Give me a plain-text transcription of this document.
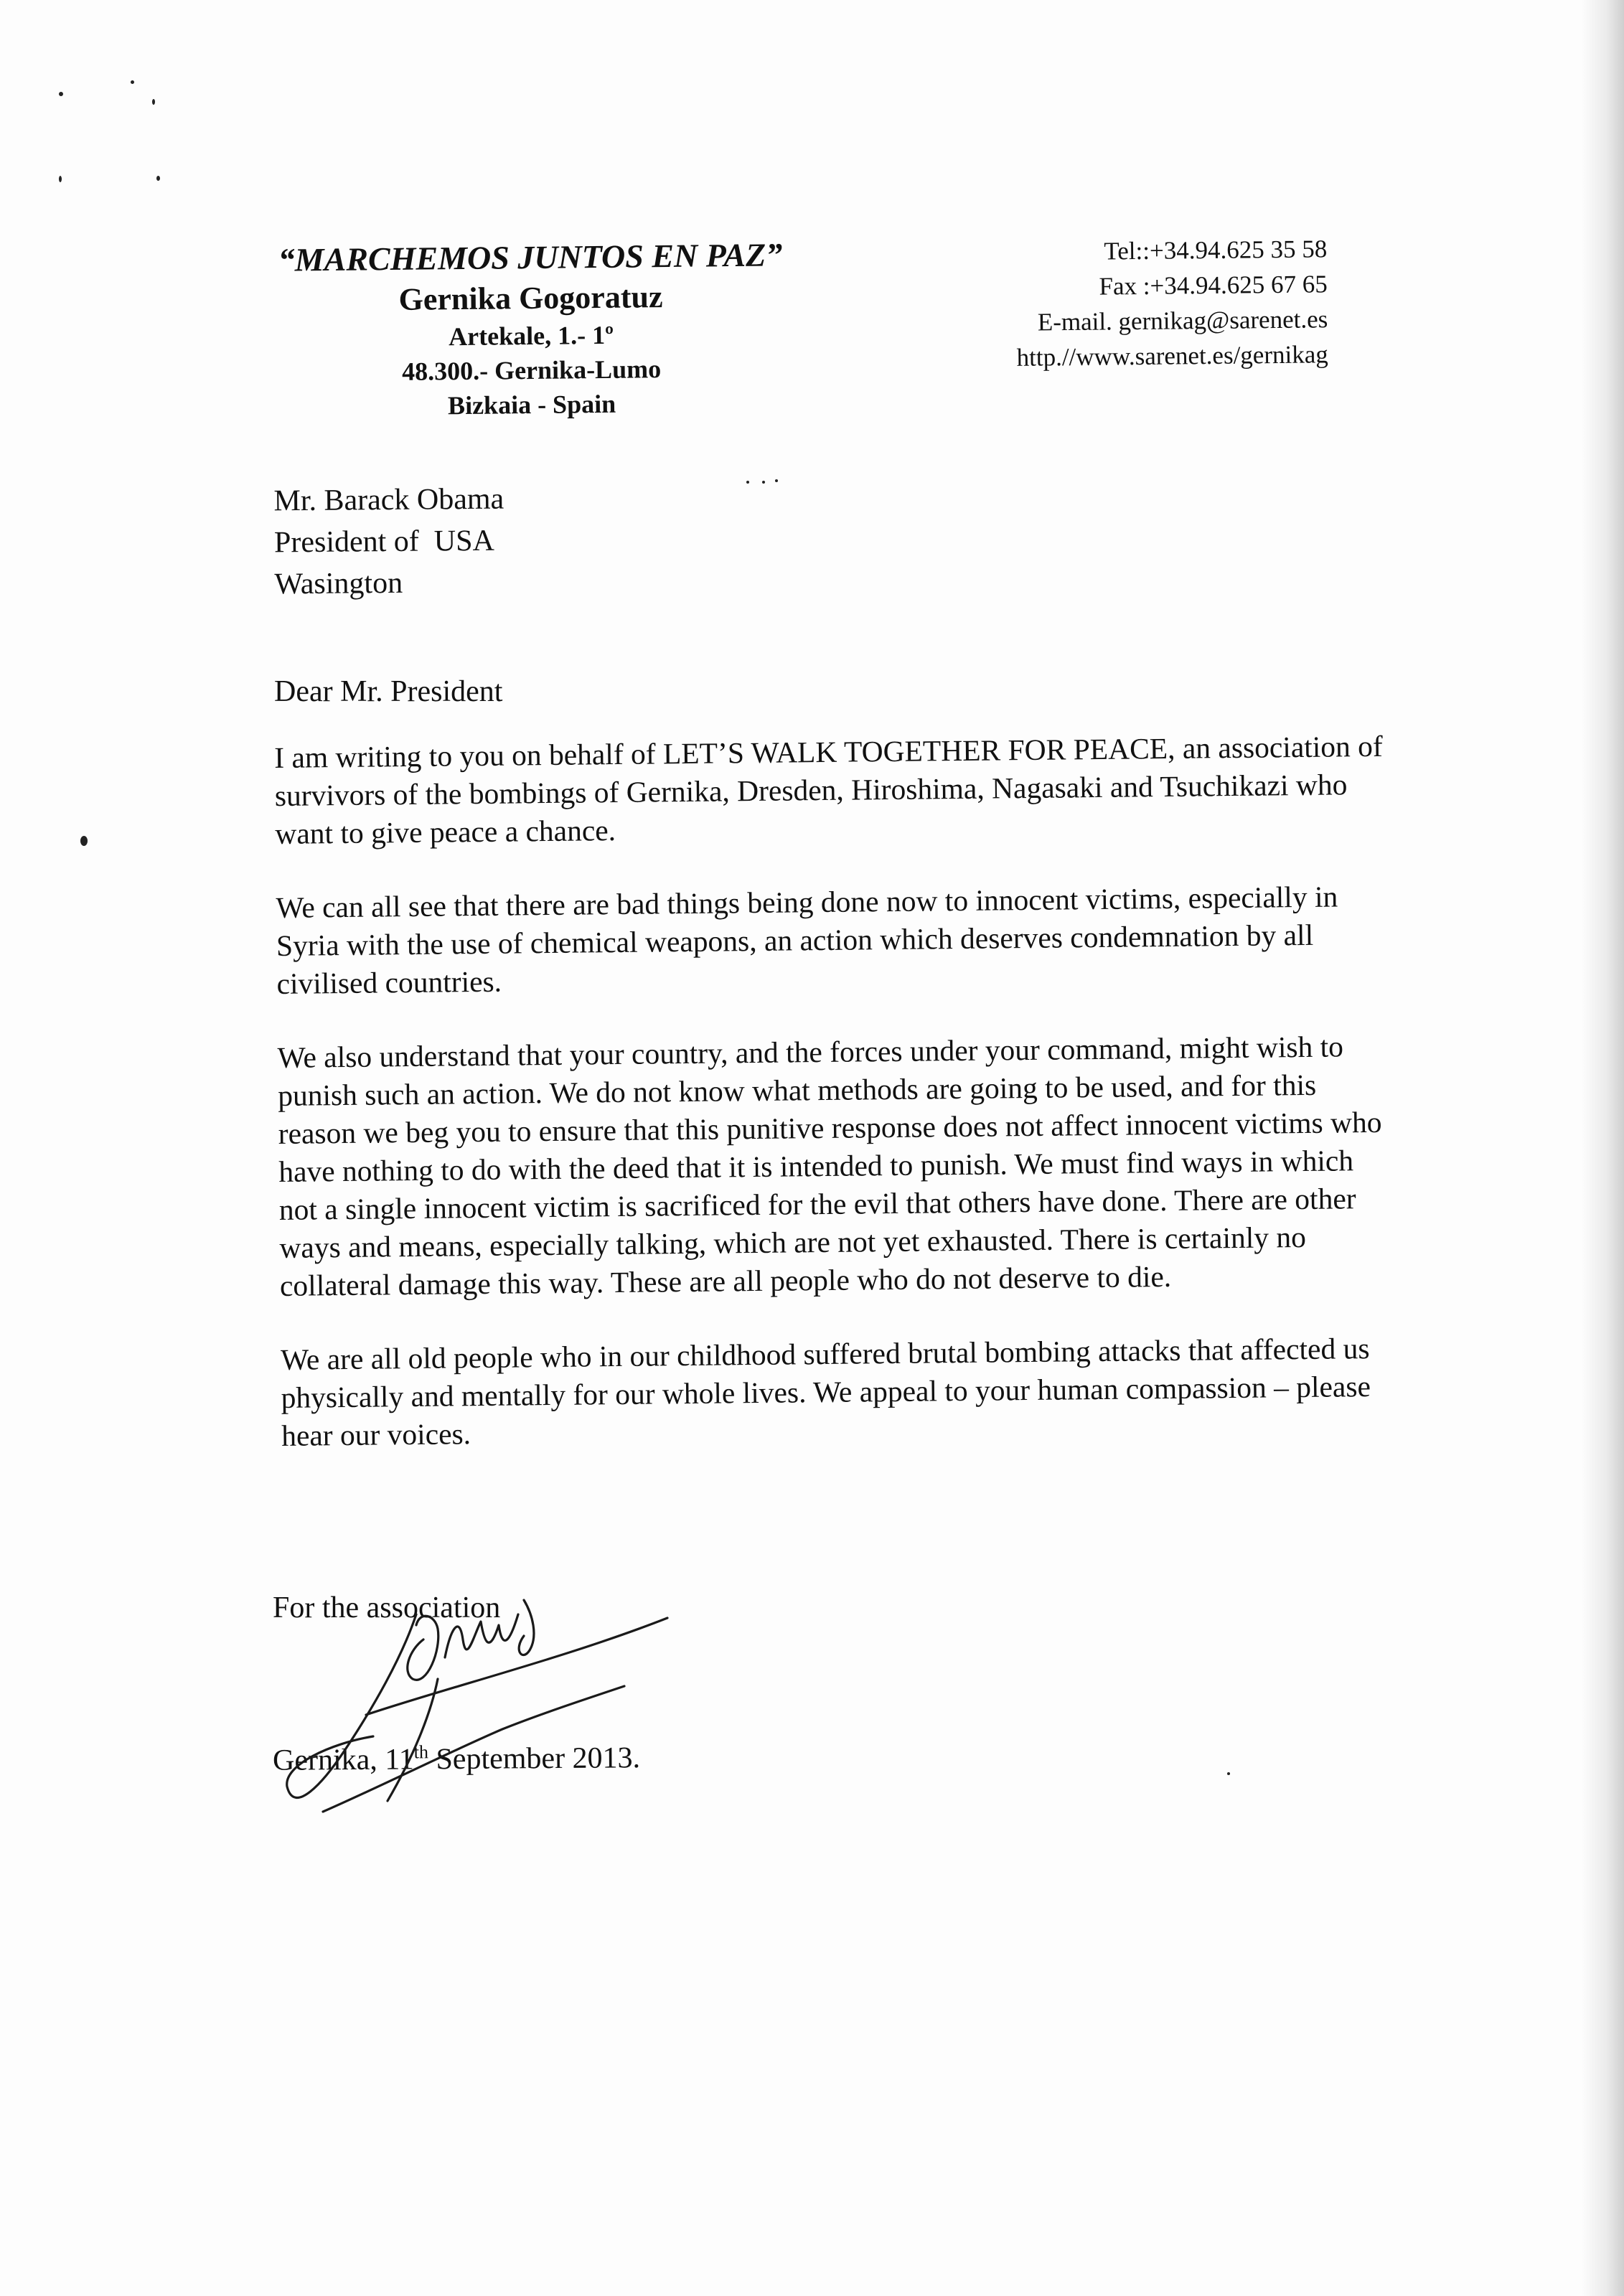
“MARCHEMOS JUNTOS EN PAZ”
Gernika Gogoratuz
Artekale, 1.- 1º
48.300.- Gernika-Lumo
Bizkaia - Spain
Tel::+34.94.625 35 58
Fax :+34.94.625 67 65
E-mail. gernikag@sarenet.es
http.//www.sarenet.es/gernikag
Mr. Barack Obama
President of  USA
Wasington
Dear Mr. President

I am writing to you on behalf of LET’S WALK TOGETHER FOR PEACE, an association of survivors of the bombings of Gernika, Dresden, Hiroshima, Nagasaki and Tsuchikazi who want to give peace a chance.

We can all see that there are bad things being done now to innocent victims, especially in Syria with the use of chemical weapons, an action which deserves condemnation by all civilised countries.

We also understand that your country, and the forces under your command, might wish to punish such an action. We do not know what methods are going to be used, and for this reason we beg you to ensure that this punitive response does not affect innocent victims who have nothing to do with the deed that it is intended to punish. We must find ways in which not a single innocent victim is sacrificed for the evil that others have done. There are other ways and means, especially talking, which are not yet exhausted. There is certainly no collateral damage this way. These are all people who do not deserve to die.

We are all old people who in our childhood suffered brutal bombing attacks that affected us physically and mentally for our whole lives. We appeal to your human compassion – please hear our voices.

For the association
Gernika, 11th September 2013.
